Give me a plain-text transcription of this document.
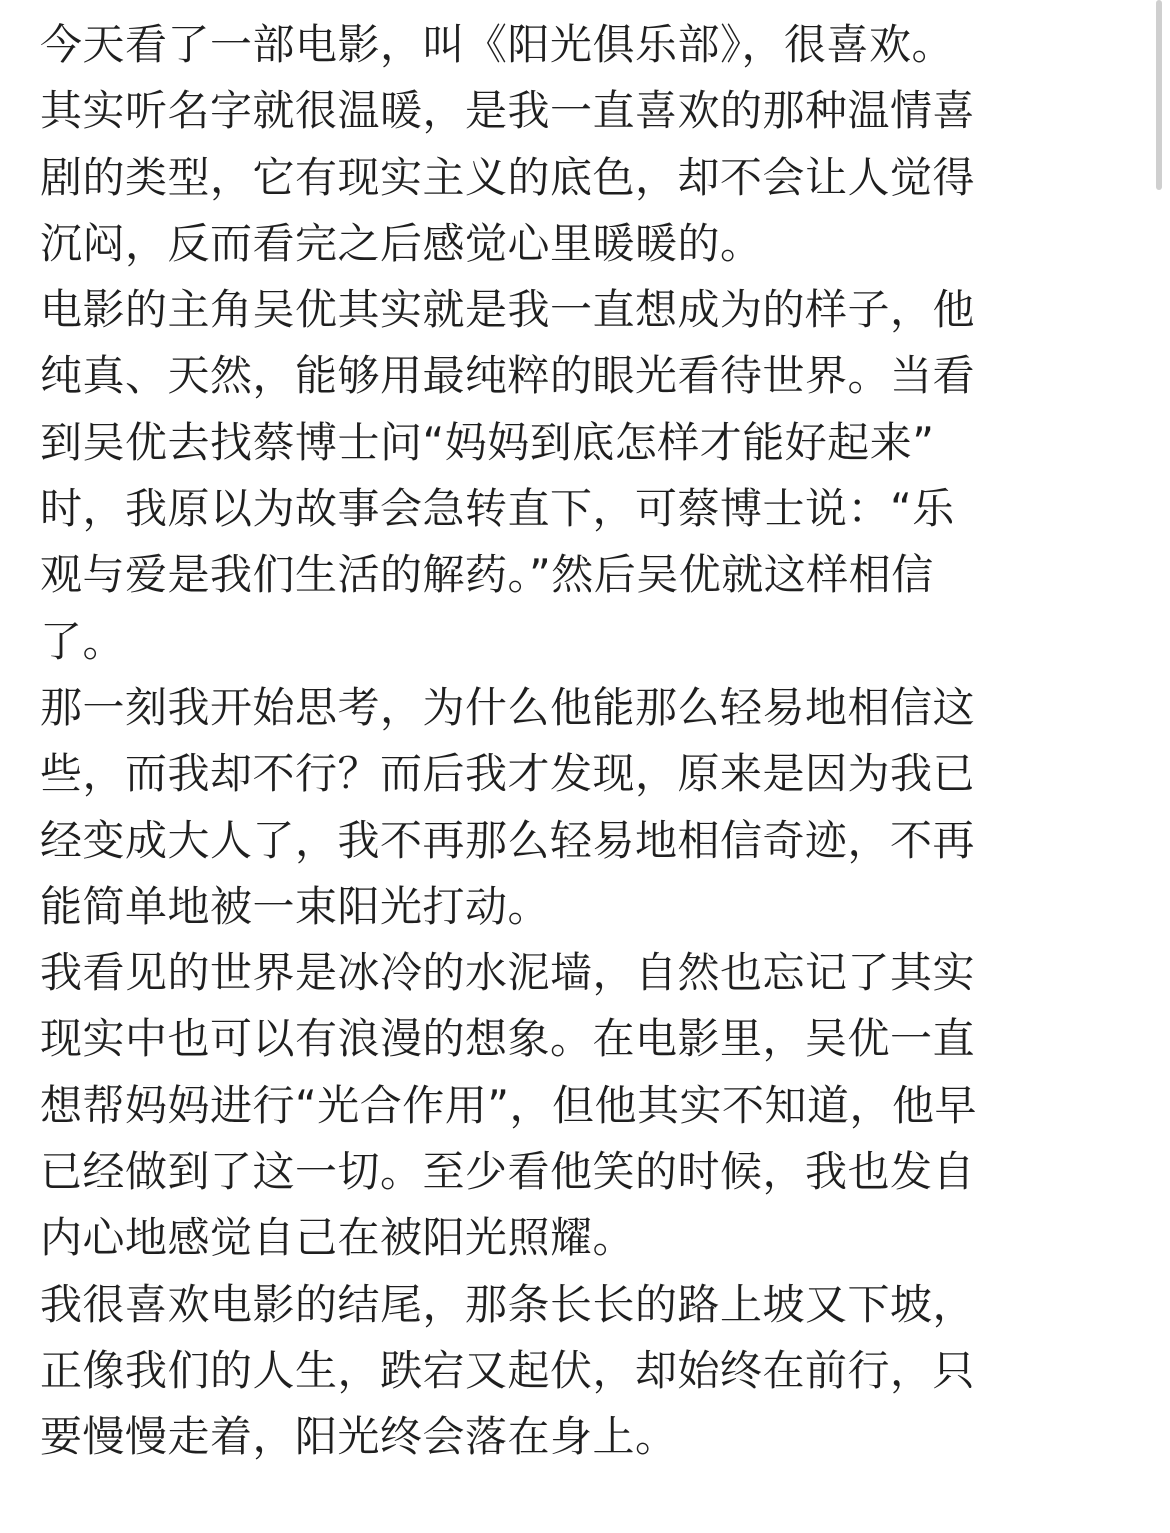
今天看了一部电影，叫《阳光俱乐部》，很喜欢。
其实听名字就很温暖，是我一直喜欢的那种温情喜
剧的类型，它有现实主义的底色，却不会让人觉得
沉闷，反而看完之后感觉心里暖暖的。
电影的主角吴优其实就是我一直想成为的样子，他
纯真、天然，能够用最纯粹的眼光看待世界。当看
到吴优去找蔡博士问“妈妈到底怎样才能好起来”
时，我原以为故事会急转直下，可蔡博士说：“乐
观与爱是我们生活的解药。”然后吴优就这样相信
了。
那一刻我开始思考，为什么他能那么轻易地相信这
些，而我却不行？而后我才发现，原来是因为我已
经变成大人了，我不再那么轻易地相信奇迹，不再
能简单地被一束阳光打动。
我看见的世界是冰冷的水泥墙，自然也忘记了其实
现实中也可以有浪漫的想象。在电影里，吴优一直
想帮妈妈进行“光合作用”，但他其实不知道，他早
已经做到了这一切。至少看他笑的时候，我也发自
内心地感觉自己在被阳光照耀。
我很喜欢电影的结尾，那条长长的路上坡又下坡，
正像我们的人生，跌宕又起伏，却始终在前行，只
要慢慢走着，阳光终会落在身上。
